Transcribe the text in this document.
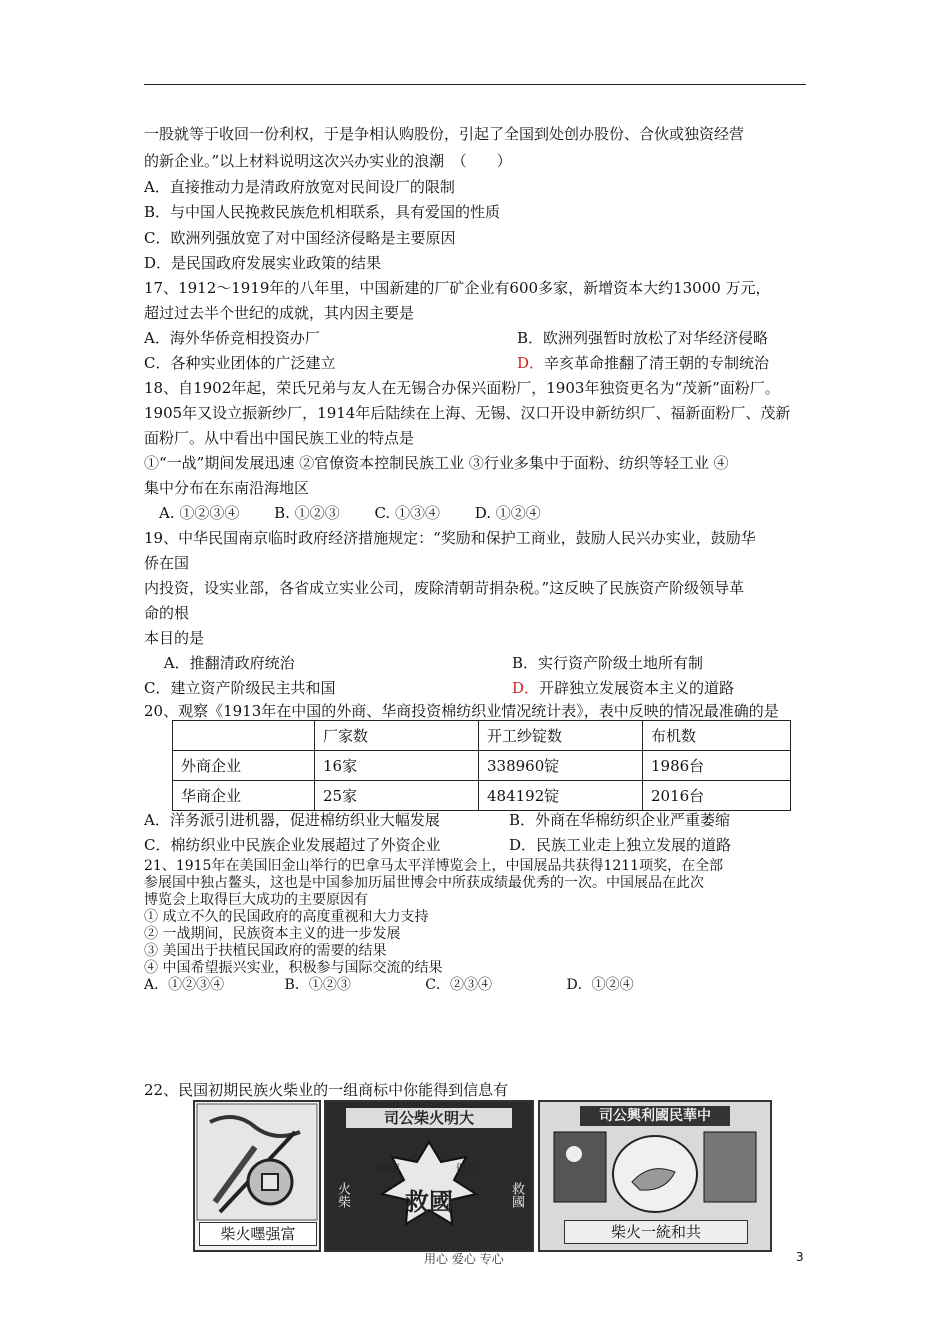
一股就等于收回一份利权，于是争相认购股份，引起了全国到处创办股份、合伙或独资经营
的新企业。”以上材料说明这次兴办实业的浪潮　（　　）
A．直接推动力是清政府放宽对民间设厂的限制
B．与中国人民挽救民族危机相联系，具有爱国的性质
C．欧洲列强放宽了对中国经济侵略是主要原因
D．是民国政府发展实业政策的结果
17、1912～1919年的八年里，中国新建的厂矿企业有600多家，新增资本大约13000 万元，
超过过去半个世纪的成就，其内因主要是
A．海外华侨竞相投资办厂	B．欧洲列强暂时放松了对华经济侵略
C．各种实业团体的广泛建立	D．辛亥革命推翻了清王朝的专制统治
18、自1902年起，荣氏兄弟与友人在无锡合办保兴面粉厂，1903年独资更名为“茂新”面粉厂。
1905年又设立振新纱厂，1914年后陆续在上海、无锡、汉口开设申新纺织厂、福新面粉厂、茂新
面粉厂。从中看出中国民族工业的特点是
①“一战”期间发展迅速 ②官僚资本控制民族工业 ③行业多集中于面粉、纺织等轻工业 ④
集中分布在东南沿海地区
　A. ①②③④　　 B. ①②③　　 C. ①③④　　 D. ①②④
19、中华民国南京临时政府经济措施规定：“奖励和保护工商业，鼓励人民兴办实业，鼓励华
侨在国
内投资，设实业部，各省成立实业公司，废除清朝苛捐杂税。”这反映了民族资产阶级领导革
命的根
本目的是
　 A．推翻清政府统治	B．实行资产阶级土地所有制
C．建立资产阶级民主共和国	D．开辟独立发展资本主义的道路
20、观察《1913年在中国的外商、华商投资棉纺织业情况统计表》，表中反映的情况最准确的是
	厂家数	开工纱锭数	布机数
外商企业	16家	338960锭	1986台
华商企业	25家	484192锭	2016台
A．洋务派引进机器，促进棉纺织业大幅发展	B．外商在华棉纺织企业严重萎缩
C．棉纺织业中民族企业发展超过了外资企业	D．民族工业走上独立发展的道路
21、1915年在美国旧金山举行的巴拿马太平洋博览会上，中国展品共获得1211项奖，在全部
参展国中独占鳌头，这也是中国参加历届世博会中所获成绩最优秀的一次。中国展品在此次
博览会上取得巨大成功的主要原因有
① 成立不久的民国政府的高度重视和大力支持
② 一战期间，民族资本主义的进一步发展
③ 美国出于扶植民国政府的需要的结果
④ 中国希望振兴实业，积极参与国际交流的结果
A．①②③④　　　　 B．①②③　　　　　 C．②③④　　　　　 D．①②④
22、民国初期民族火柴业的一组商标中你能得到信息有
柴火嚜强富
司公柴火明大
標商	冊註
救國
火柴	救國
司公興利國民華中
柴火一統和共
用心 爱心 专心	3
